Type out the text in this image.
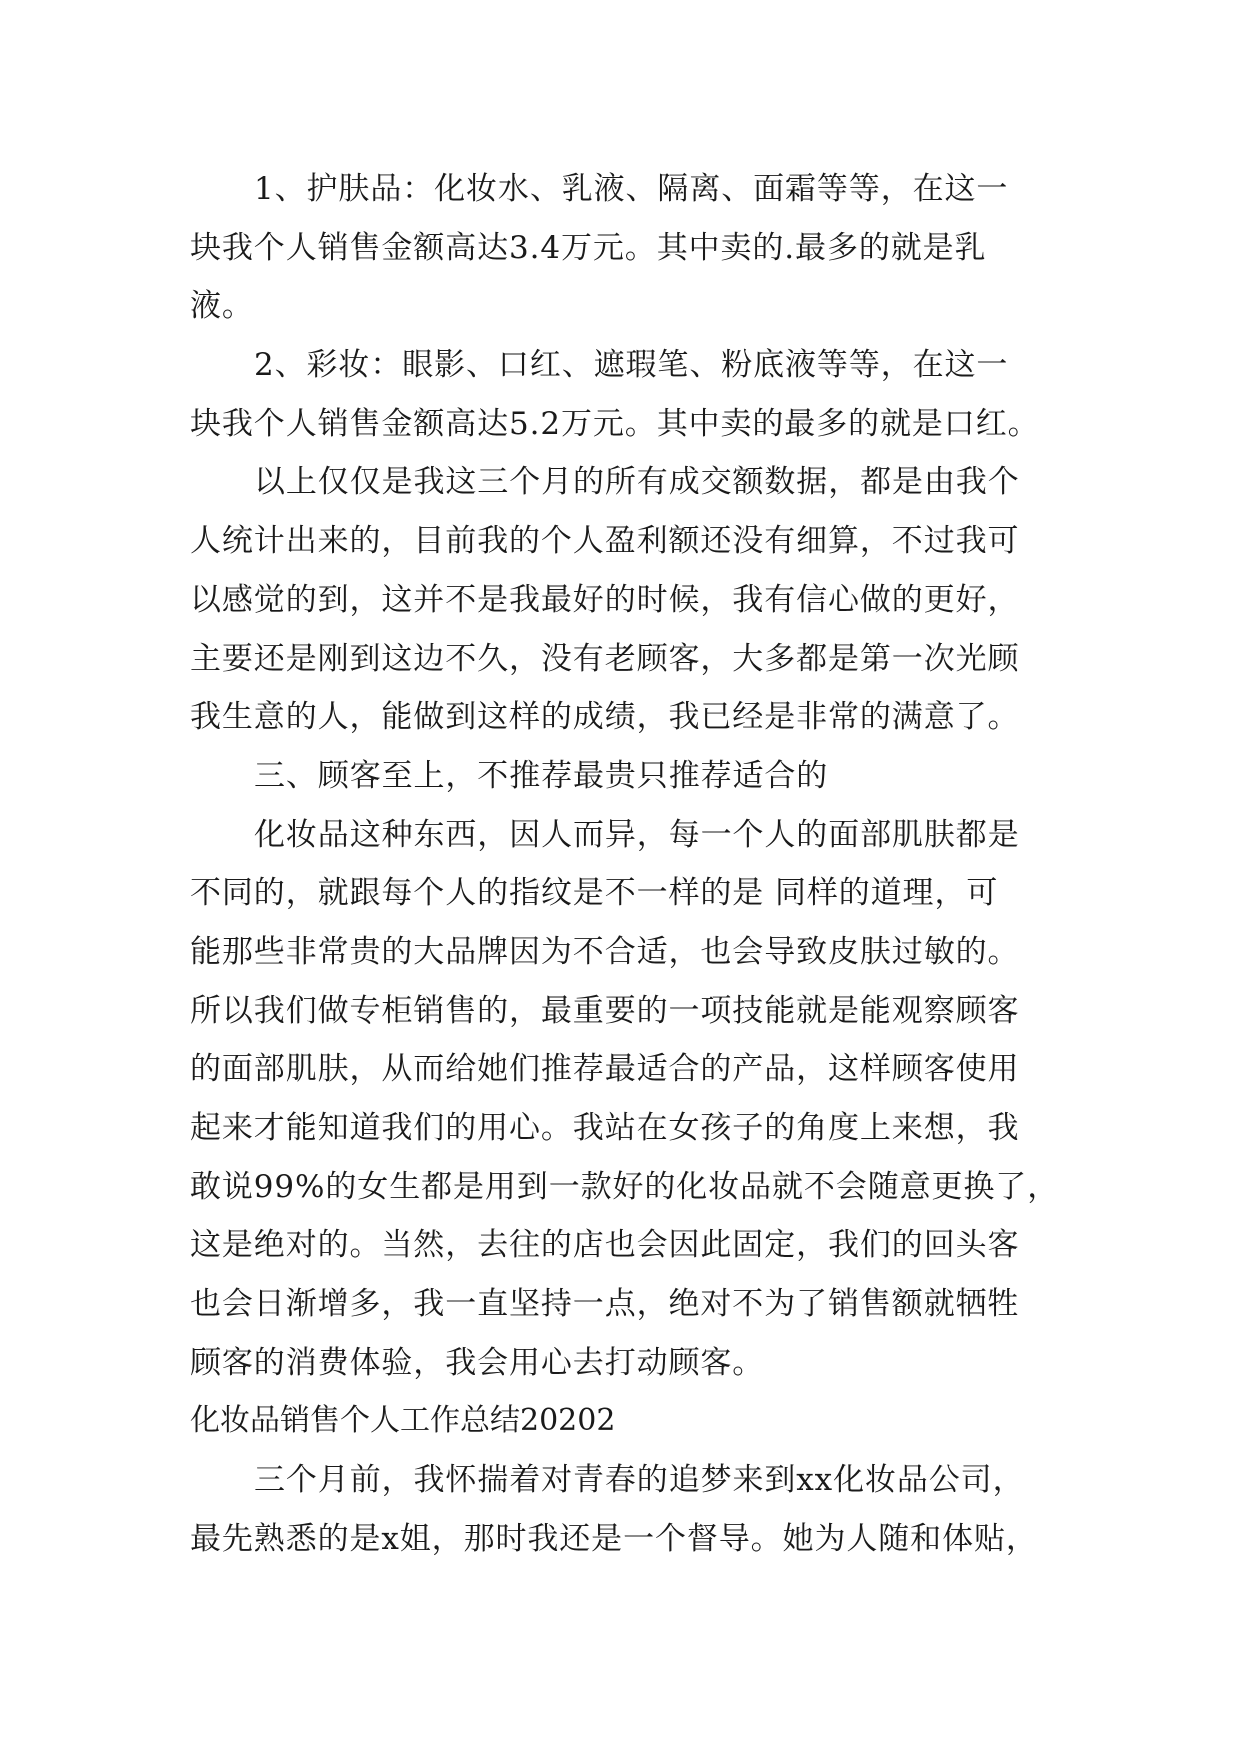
1、护肤品：化妆水、乳液、隔离、面霜等等，在这一
块我个人销售金额高达3.4万元。其中卖的.最多的就是乳
液。
2、彩妆：眼影、口红、遮瑕笔、粉底液等等，在这一
块我个人销售金额高达5.2万元。其中卖的最多的就是口红。
以上仅仅是我这三个月的所有成交额数据，都是由我个
人统计出来的，目前我的个人盈利额还没有细算，不过我可
以感觉的到，这并不是我最好的时候，我有信心做的更好，
主要还是刚到这边不久，没有老顾客，大多都是第一次光顾
我生意的人，能做到这样的成绩，我已经是非常的满意了。
三、顾客至上，不推荐最贵只推荐适合的
化妆品这种东西，因人而异，每一个人的面部肌肤都是
不同的，就跟每个人的指纹是不一样的是 同样的道理，可
能那些非常贵的大品牌因为不合适，也会导致皮肤过敏的。
所以我们做专柜销售的，最重要的一项技能就是能观察顾客
的面部肌肤，从而给她们推荐最适合的产品，这样顾客使用
起来才能知道我们的用心。我站在女孩子的角度上来想，我
敢说99%的女生都是用到一款好的化妆品就不会随意更换了，
这是绝对的。当然，去往的店也会因此固定，我们的回头客
也会日渐增多，我一直坚持一点，绝对不为了销售额就牺牲
顾客的消费体验，我会用心去打动顾客。
化妆品销售个人工作总结20202
三个月前，我怀揣着对青春的追梦来到xx化妆品公司，
最先熟悉的是x姐，那时我还是一个督导。她为人随和体贴，
